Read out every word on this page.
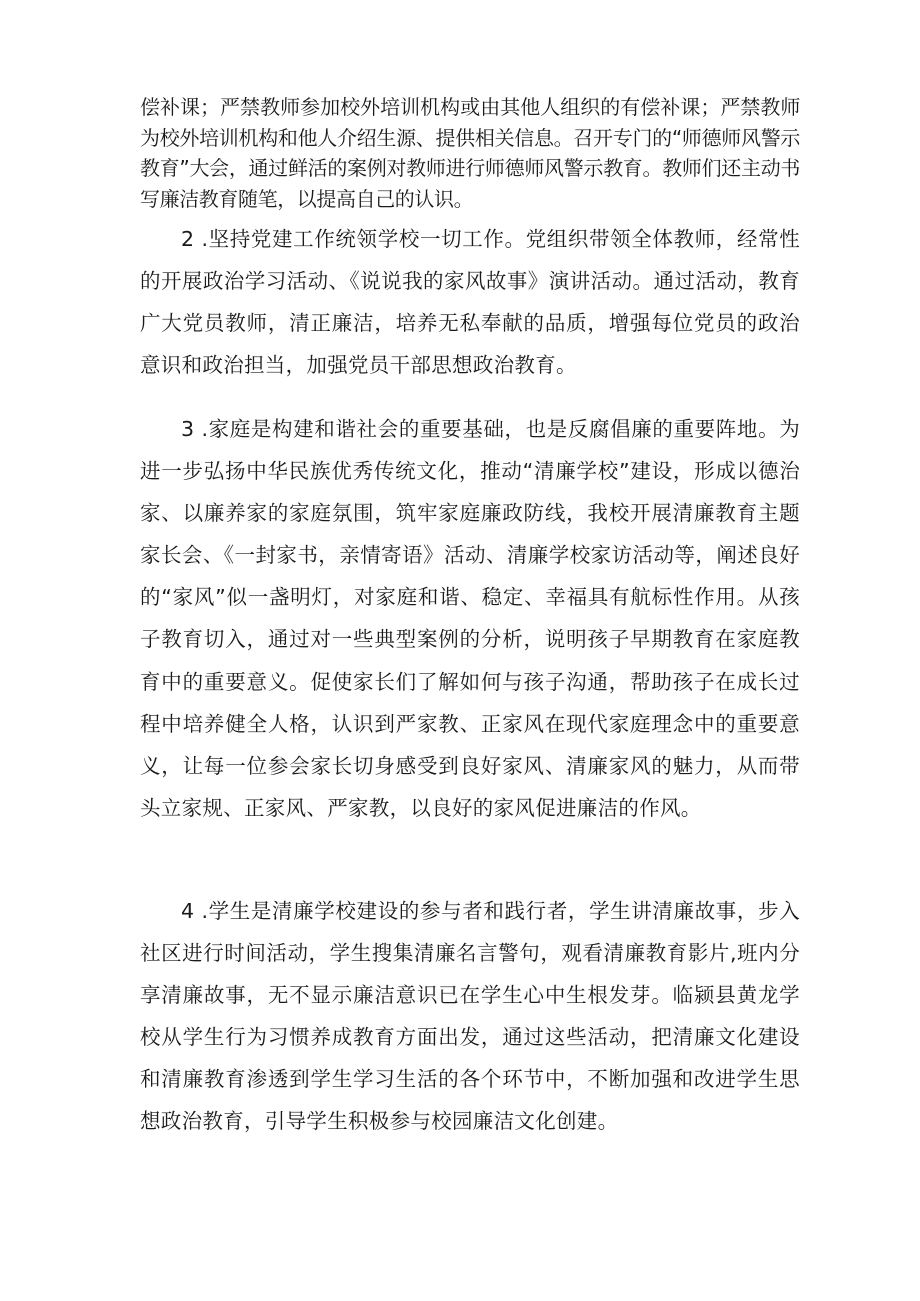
偿补课；严禁教师参加校外培训机构或由其他人组织的有偿补课；严禁教师为校外培训机构和他人介绍生源、提供相关信息。召开专门的“师德师风警示教育”大会，通过鲜活的案例对教师进行师德师风警示教育。教师们还主动书写廉洁教育随笔，以提高自己的认识。

2 .坚持党建工作统领学校一切工作。党组织带领全体教师，经常性的开展政治学习活动、《说说我的家风故事》演讲活动。通过活动，教育广大党员教师，清正廉洁，培养无私奉献的品质，增强每位党员的政治意识和政治担当，加强党员干部思想政治教育。

3 .家庭是构建和谐社会的重要基础，也是反腐倡廉的重要阵地。为进一步弘扬中华民族优秀传统文化，推动“清廉学校”建设，形成以德治家、以廉养家的家庭氛围，筑牢家庭廉政防线，我校开展清廉教育主题家长会、《一封家书，亲情寄语》活动、清廉学校家访活动等，阐述良好的“家风”似一盏明灯，对家庭和谐、稳定、幸福具有航标性作用。从孩子教育切入，通过对一些典型案例的分析，说明孩子早期教育在家庭教育中的重要意义。促使家长们了解如何与孩子沟通，帮助孩子在成长过程中培养健全人格，认识到严家教、正家风在现代家庭理念中的重要意义，让每一位参会家长切身感受到良好家风、清廉家风的魅力，从而带头立家规、正家风、严家教，以良好的家风促进廉洁的作风。

4 .学生是清廉学校建设的参与者和践行者，学生讲清廉故事，步入社区进行时间活动，学生搜集清廉名言警句，观看清廉教育影片,班内分享清廉故事，无不显示廉洁意识已在学生心中生根发芽。临颍县黄龙学校从学生行为习惯养成教育方面出发，通过这些活动，把清廉文化建设和清廉教育渗透到学生学习生活的各个环节中，不断加强和改进学生思想政治教育，引导学生积极参与校园廉洁文化创建。
